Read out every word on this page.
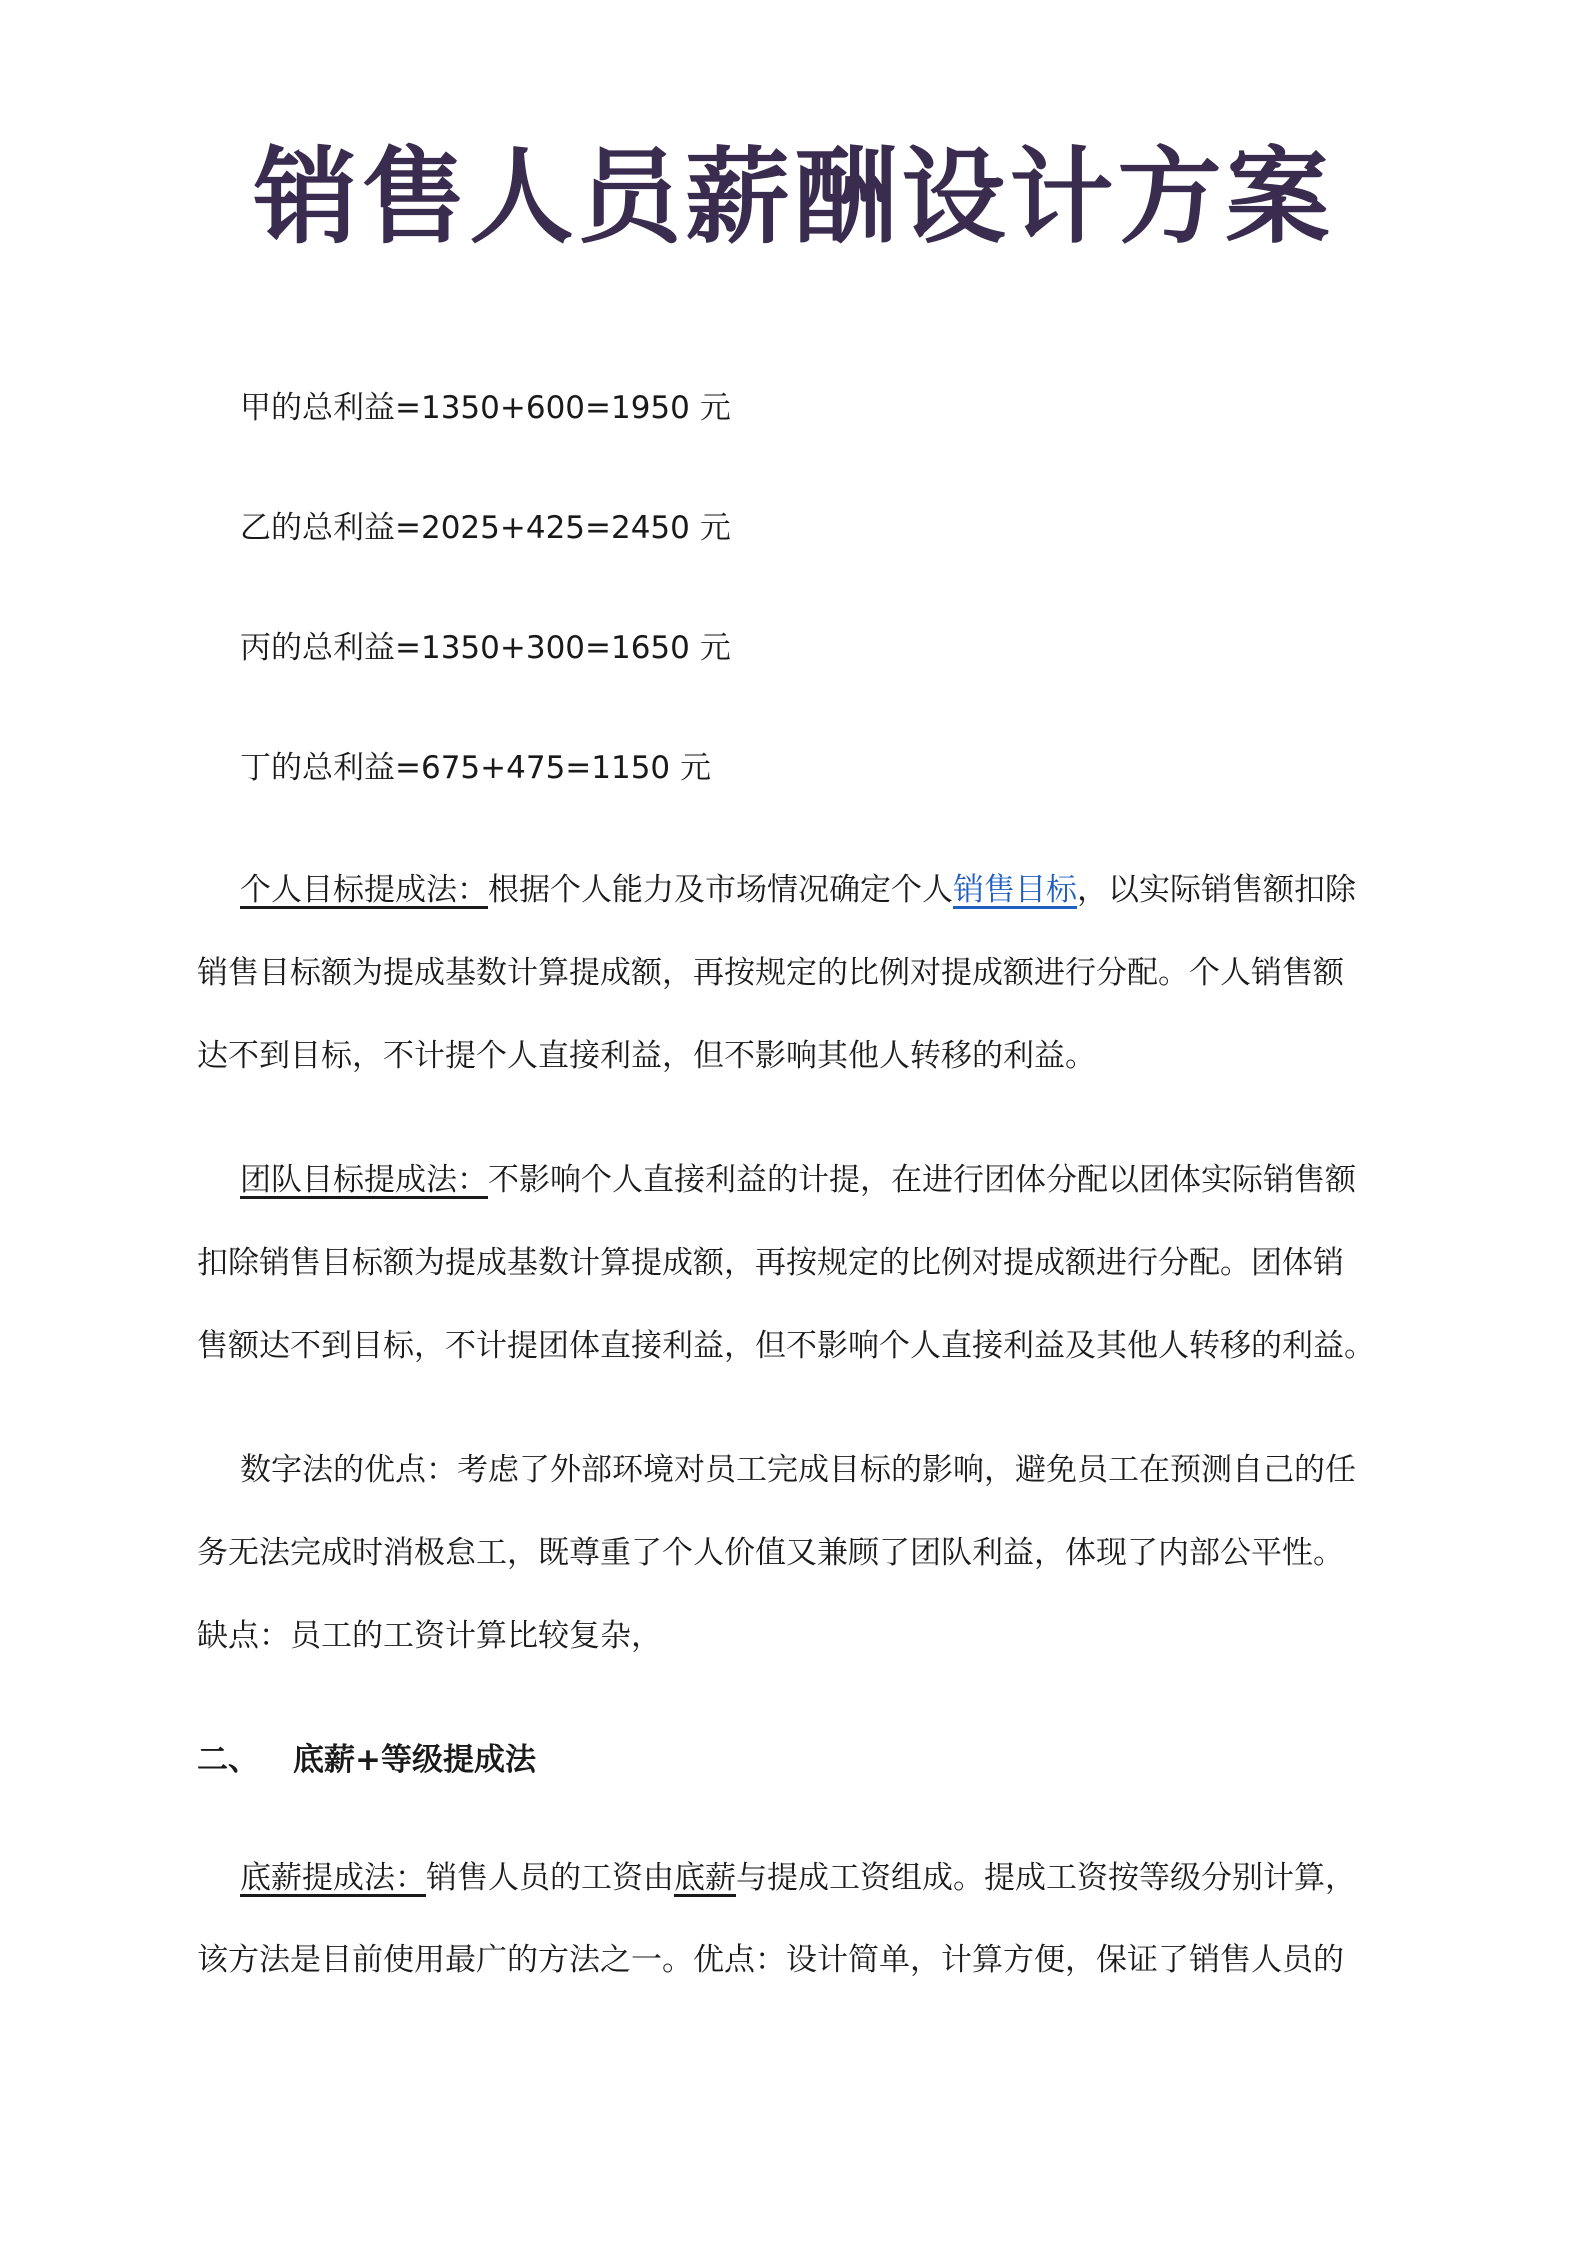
销售人员薪酬设计方案
甲的总利益=1350+600=1950 元
乙的总利益=2025+425=2450 元
丙的总利益=1350+300=1650 元
丁的总利益=675+475=1150 元
个人目标提成法：根据个人能力及市场情况确定个人销售目标，以实际销售额扣除
销售目标额为提成基数计算提成额，再按规定的比例对提成额进行分配。个人销售额
达不到目标，不计提个人直接利益，但不影响其他人转移的利益。
团队目标提成法：不影响个人直接利益的计提，在进行团体分配以团体实际销售额
扣除销售目标额为提成基数计算提成额，再按规定的比例对提成额进行分配。团体销
售额达不到目标，不计提团体直接利益，但不影响个人直接利益及其他人转移的利益。
数字法的优点：考虑了外部环境对员工完成目标的影响，避免员工在预测自己的任
务无法完成时消极怠工，既尊重了个人价值又兼顾了团队利益，体现了内部公平性。
缺点：员工的工资计算比较复杂，
二、 底薪+等级提成法
底薪提成法：销售人员的工资由底薪与提成工资组成。提成工资按等级分别计算，
该方法是目前使用最广的方法之一。优点：设计简单，计算方便，保证了销售人员的
